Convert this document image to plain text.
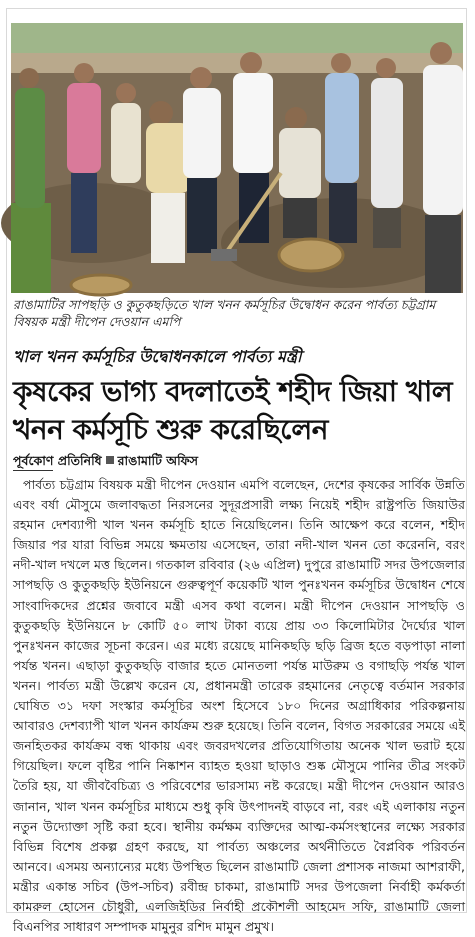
রাঙামাটির সাপছড়ি ও কুতুকছড়িতে খাল খনন কর্মসূচির উদ্বোধন করেন পার্বত্য চট্টগ্রাম বিষয়ক মন্ত্রী দীপেন দেওয়ান এমপি
খাল খনন কর্মসূচির উদ্বোধনকালে পার্বত্য মন্ত্রী
কৃষকের ভাগ্য বদলাতেই শহীদ জিয়া খাল খনন কর্মসূচি শুরু করেছিলেন
পূর্বকোণ প্রতিনিধি রাঙামাটি অফিস

পার্বত্য চট্টগ্রাম বিষয়ক মন্ত্রী দীপেন দেওয়ান এমপি বলেছেন, দেশের কৃষকের সার্বিক উন্নতি এবং বর্ষা মৌসুমে জলাবদ্ধতা নিরসনের সুদূরপ্রসারী লক্ষ্য নিয়েই শহীদ রাষ্ট্রপতি জিয়াউর রহমান দেশব্যাপী খাল খনন কর্মসূচি হাতে নিয়েছিলেন। তিনি আক্ষেপ করে বলেন, শহীদ জিয়ার পর যারা বিভিন্ন সময়ে ক্ষমতায় এসেছেন, তারা নদী-খাল খনন তো করেননি, বরং নদী-খাল দখলে মত্ত ছিলেন। গতকাল রবিবার (২৬ এপ্রিল) দুপুরে রাঙামাটি সদর উপজেলার সাপছড়ি ও কুতুকছড়ি ইউনিয়নে গুরুত্বপূর্ণ কয়েকটি খাল পুনঃখনন কর্মসূচির উদ্বোধন শেষে সাংবাদিকদের প্রশ্নের জবাবে মন্ত্রী এসব কথা বলেন। মন্ত্রী দীপেন দেওয়ান সাপছড়ি ও কুতুকছড়ি ইউনিয়নে ৮ কোটি ৫০ লাখ টাকা ব্যয়ে প্রায় ৩৩ কিলোমিটার দৈর্ঘ্যের খাল পুনঃখনন কাজের সূচনা করেন। এর মধ্যে রয়েছে মানিকছড়ি ছড়ি ব্রিজ হতে বড়পাড়া নালা পর্যন্ত খনন। এছাড়া কুতুকছড়ি বাজার হতে মোনতলা পর্যন্ত মাউরুম ও বগাছড়ি পর্যন্ত খাল খনন। পার্বত্য মন্ত্রী উল্লেখ করেন যে, প্রধানমন্ত্রী তারেক রহমানের নেতৃত্বে বর্তমান সরকার ঘোষিত ৩১ দফা সংস্কার কর্মসূচির অংশ হিসেবে ১৮০ দিনের অগ্রাধিকার পরিকল্পনায় আবারও দেশব্যাপী খাল খনন কার্যক্রম শুরু হয়েছে। তিনি বলেন, বিগত সরকারের সময়ে এই জনহিতকর কার্যক্রম বন্ধ থাকায় এবং জবরদখলের প্রতিযোগিতায় অনেক খাল ভরাট হয়ে গিয়েছিল। ফলে বৃষ্টির পানি নিষ্কাশন ব্যাহত হওয়া ছাড়াও শুষ্ক মৌসুমে পানির তীব্র সংকট তৈরি হয়, যা জীববৈচিত্র্য ও পরিবেশের ভারসাম্য নষ্ট করেছে। মন্ত্রী দীপেন দেওয়ান আরও জানান, খাল খনন কর্মসূচির মাধ্যমে শুধু কৃষি উৎপাদনই বাড়বে না, বরং এই এলাকায় নতুন নতুন উদ্যোক্তা সৃষ্টি করা হবে। স্থানীয় কর্মক্ষম ব্যক্তিদের আত্ম-কর্মসংস্থানের লক্ষ্যে সরকার বিভিন্ন বিশেষ প্রকল্প গ্রহণ করছে, যা পার্বত্য অঞ্চলের অর্থনীতিতে বৈপ্লবিক পরিবর্তন আনবে। এসময় অন্যান্যের মধ্যে উপস্থিত ছিলেন রাঙামাটি জেলা প্রশাসক নাজমা আশরাফী, মন্ত্রীর একান্ত সচিব (উপ-সচিব) রবীন্দ্র চাকমা, রাঙামাটি সদর উপজেলা নির্বাহী কর্মকর্তা কামরুল হোসেন চৌধুরী, এলজিইডির নির্বাহী প্রকৌশলী আহমেদ সফি, রাঙামাটি জেলা বিএনপির সাধারণ সম্পাদক মামুনুর রশিদ মামুন প্রমুখ।
